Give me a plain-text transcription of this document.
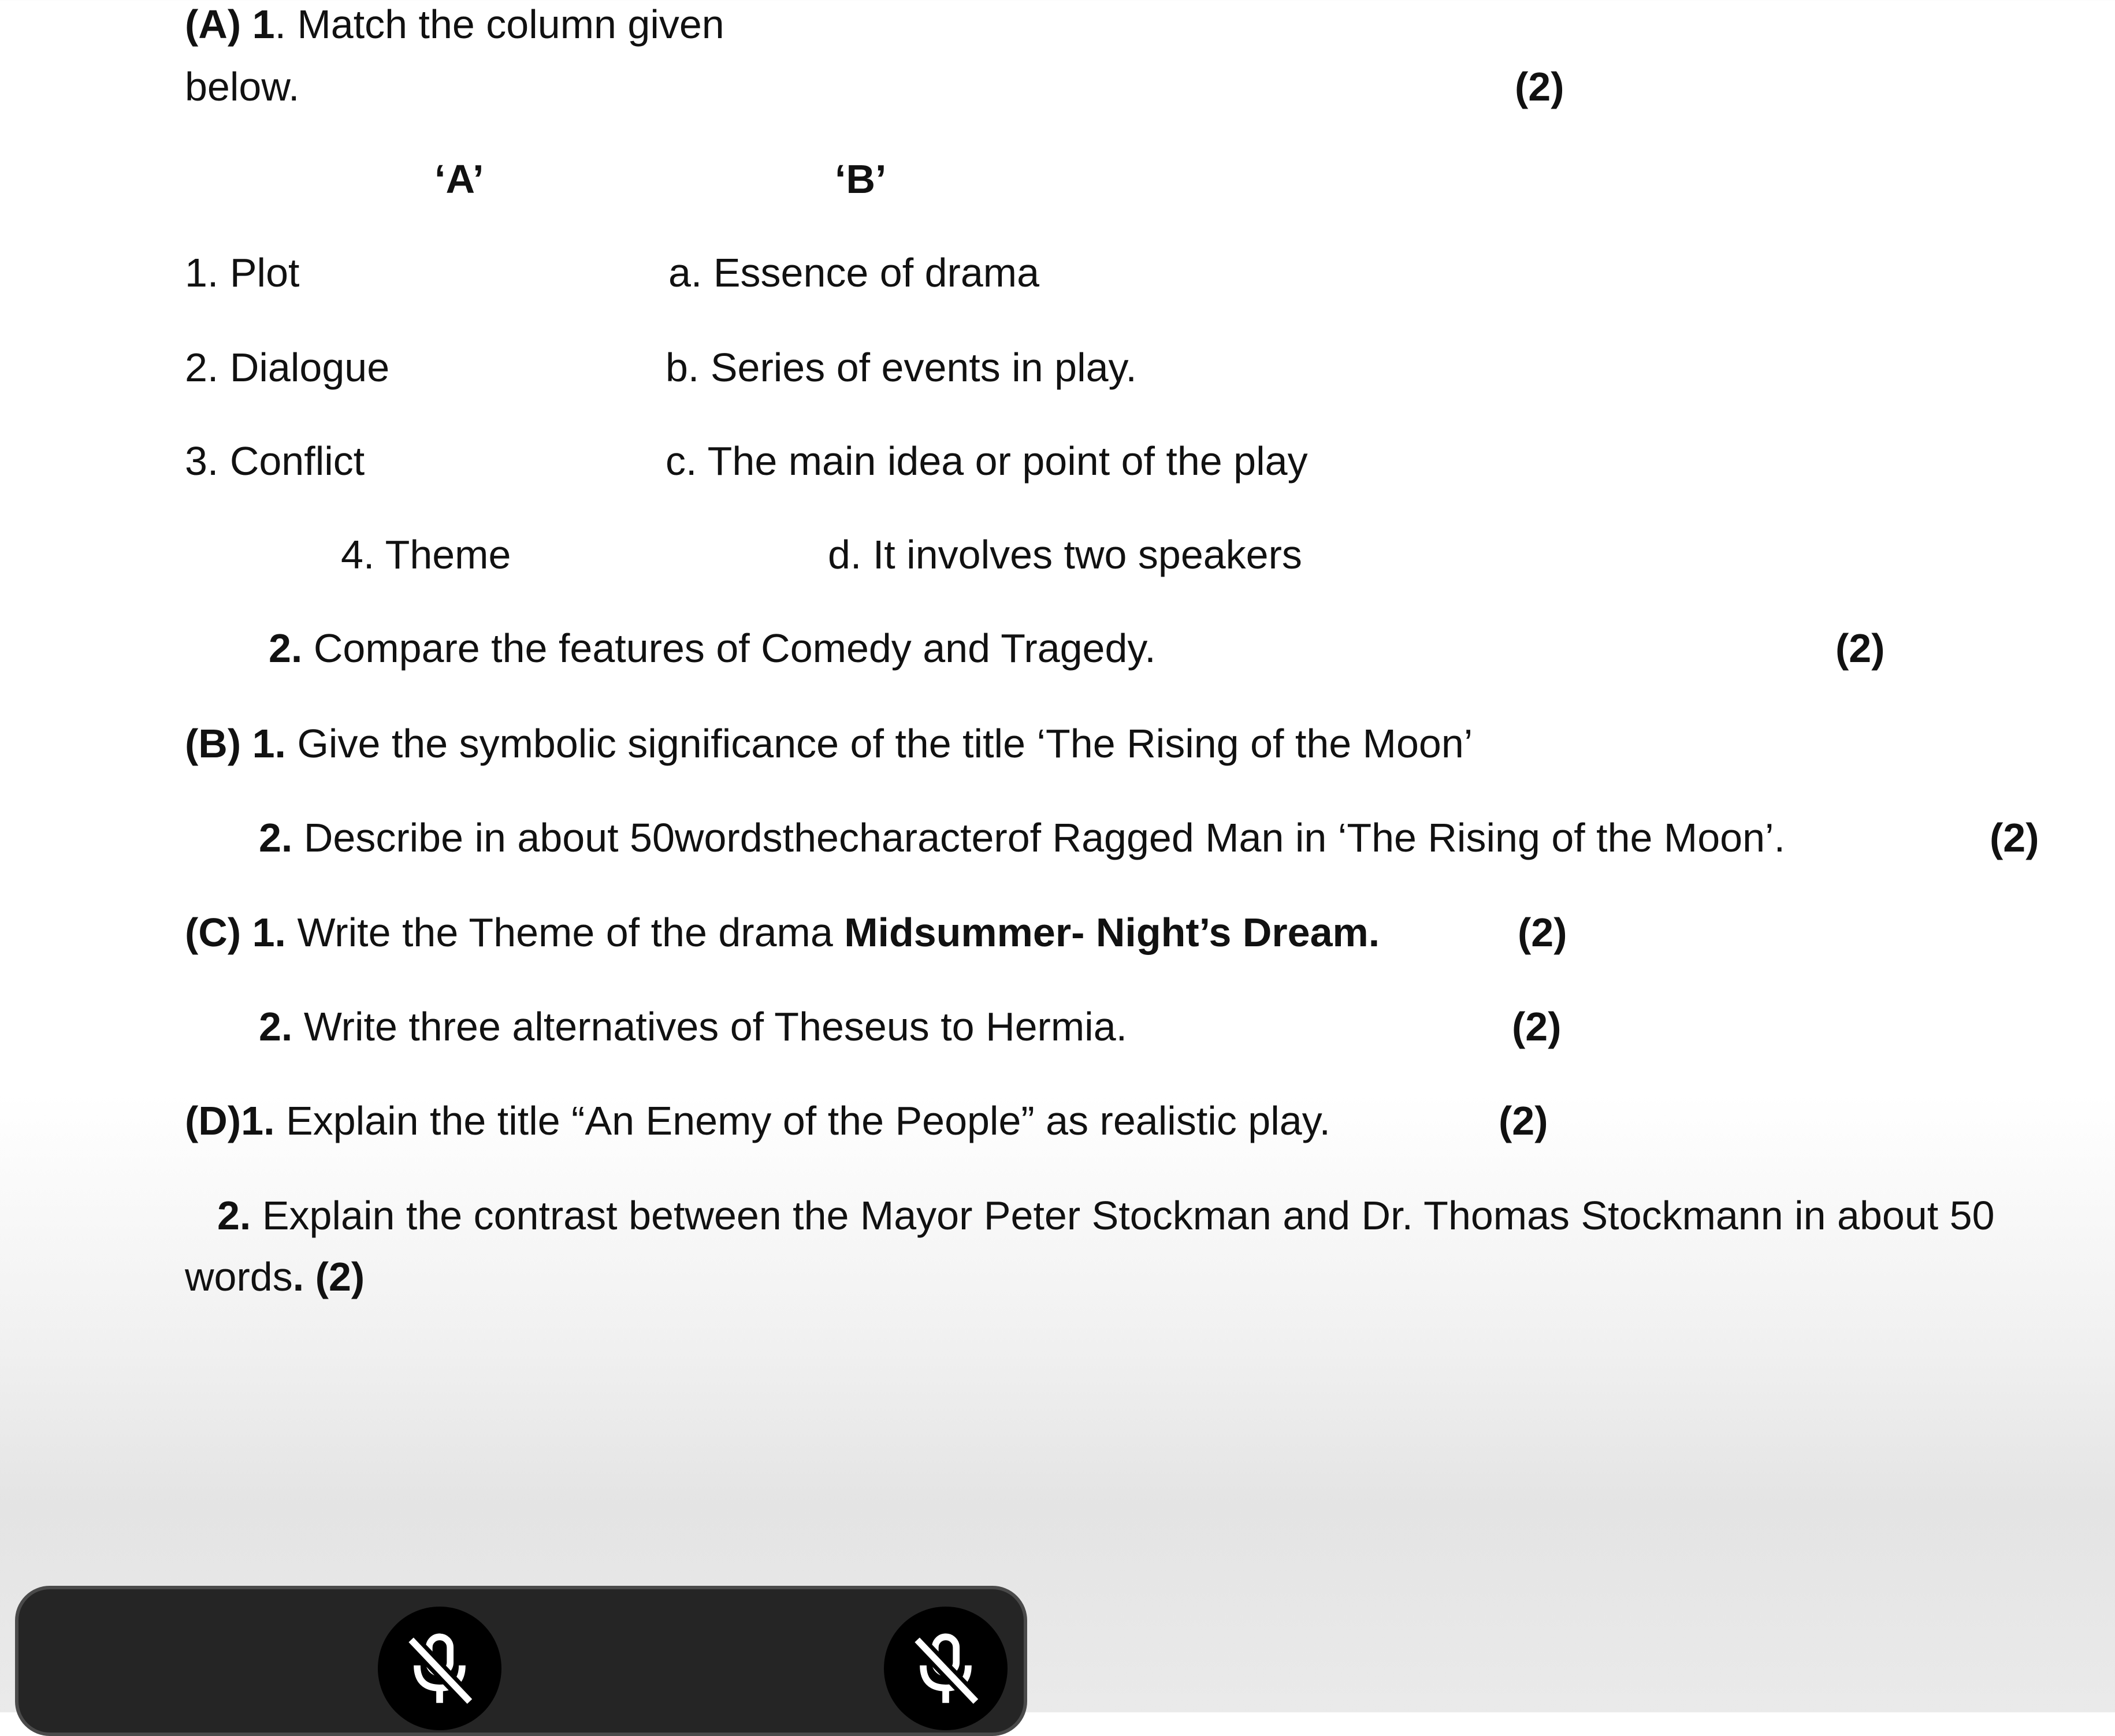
(A) 1. Match the column given
below.	(2)
‘A’	‘B’
1. Plot	a. Essence of drama
2. Dialogue	b. Series of events in play.
3. Conflict	c. The main idea or point of the play
4. Theme	d. It involves two speakers
2. Compare the features of Comedy and Tragedy.	(2)
(B) 1. Give the symbolic significance of the title ‘The Rising of the Moon’
2. Describe in about 50wordsthecharacterof Ragged Man in ‘The Rising of the Moon’.	(2)
(C) 1. Write the Theme of the drama Midsummer- Night’s Dream.	(2)
2. Write three alternatives of Theseus to Hermia.	(2)
(D)1. Explain the title “An Enemy of the People” as realistic play.	(2)
2. Explain the contrast between the Mayor Peter Stockman and Dr. Thomas Stockmann in about 50
words. (2)
